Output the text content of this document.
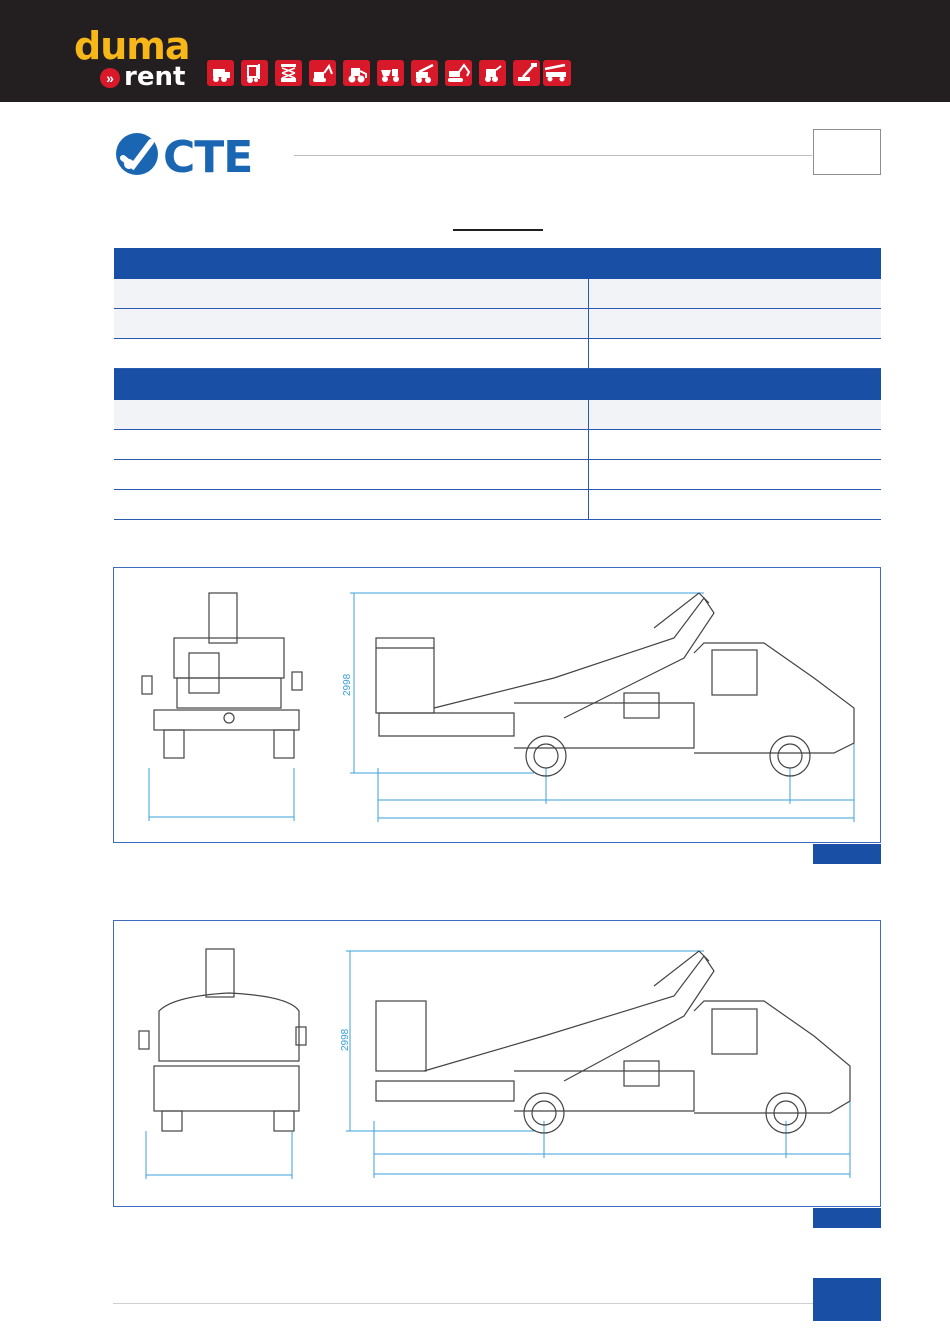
duma
» rent
CTE
2998
2998
